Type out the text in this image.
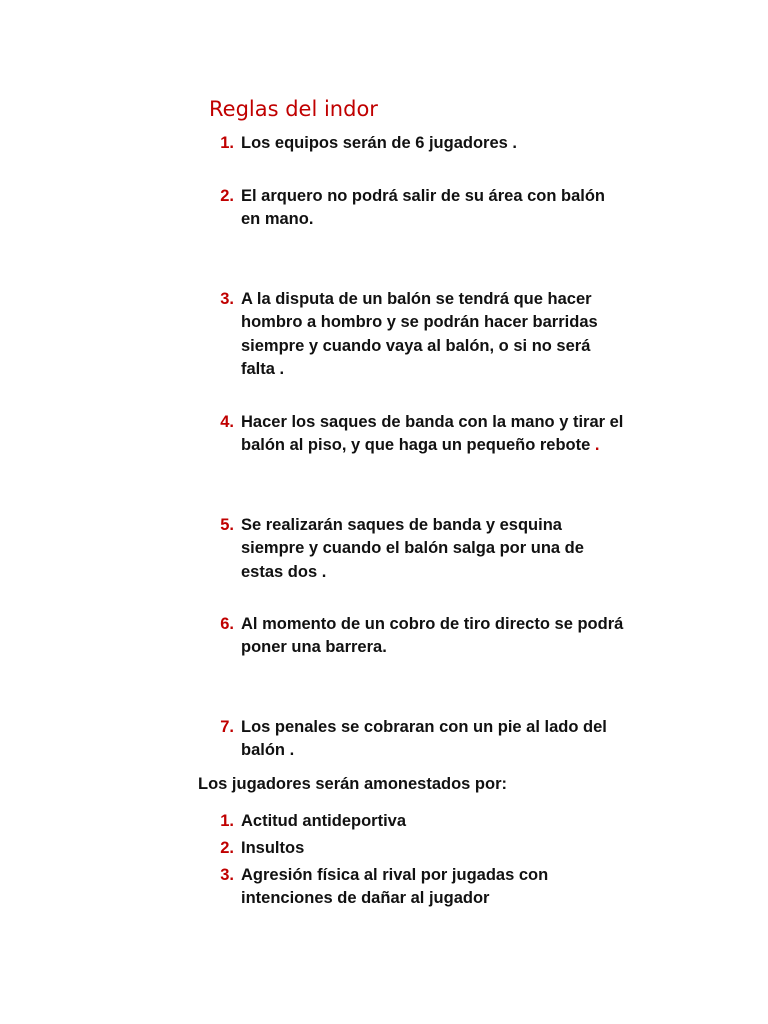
Reglas del indor
1. Los equipos serán de 6 jugadores .
2. El arquero no podrá salir de su área con balón
en mano.
3. A la disputa de un balón se tendrá que hacer
hombro a hombro y se podrán hacer barridas
siempre y cuando vaya al balón, o si no será
falta .
4. Hacer los saques de banda con la mano y tirar el
balón al piso, y que haga un pequeño rebote .
5. Se realizarán saques de banda y esquina
siempre y cuando el balón salga por una de
estas dos .
6. Al momento de un cobro de tiro directo se podrá
poner una barrera.
7. Los penales se cobraran con un pie al lado del
balón .

Los jugadores serán amonestados por:

1. Actitud antideportiva
2. Insultos
3. Agresión física al rival por jugadas con
intenciones de dañar al jugador
